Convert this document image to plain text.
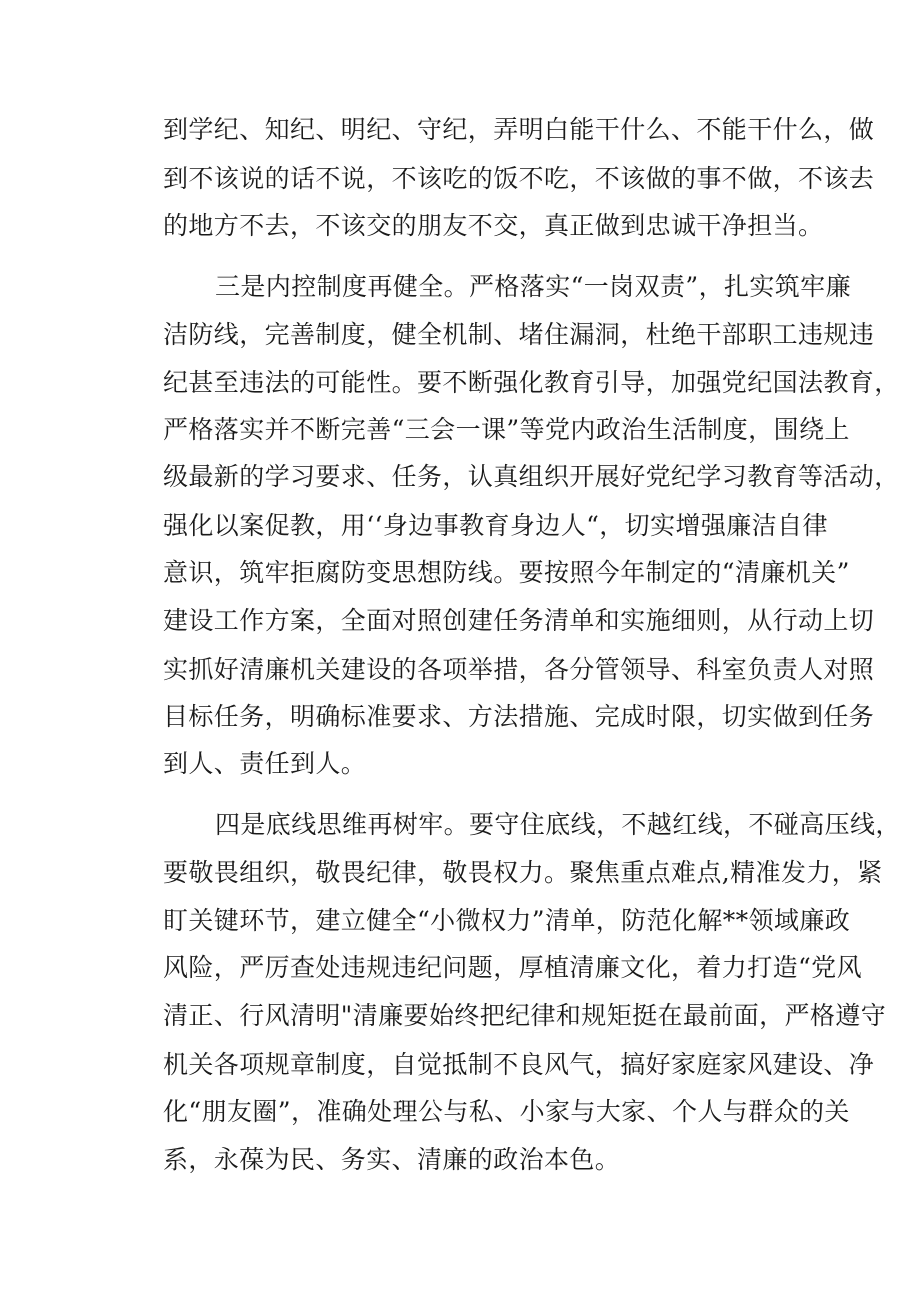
到学纪、知纪、明纪、守纪，弄明白能干什么、不能干什么，做
到不该说的话不说，不该吃的饭不吃，不该做的事不做，不该去
的地方不去，不该交的朋友不交，真正做到忠诚干净担当。
三是内控制度再健全。严格落实“一岗双责”，扎实筑牢廉
洁防线，完善制度，健全机制、堵住漏洞，杜绝干部职工违规违
纪甚至违法的可能性。要不断强化教育引导，加强党纪国法教育，
严格落实并不断完善“三会一课”等党内政治生活制度，围绕上
级最新的学习要求、任务，认真组织开展好党纪学习教育等活动，
强化以案促教，用‘‘身边事教育身边人“，切实增强廉洁自律
意识，筑牢拒腐防变思想防线。要按照今年制定的“清廉机关”
建设工作方案，全面对照创建任务清单和实施细则，从行动上切
实抓好清廉机关建设的各项举措，各分管领导、科室负责人对照
目标任务，明确标准要求、方法措施、完成时限，切实做到任务
到人、责任到人。
四是底线思维再树牢。要守住底线，不越红线，不碰高压线，
要敬畏组织，敬畏纪律，敬畏权力。聚焦重点难点,精准发力，紧
盯关键环节，建立健全“小微权力”清单，防范化解**领域廉政
风险，严厉查处违规违纪问题，厚植清廉文化，着力打造“党风
清正、行风清明"清廉要始终把纪律和规矩挺在最前面，严格遵守
机关各项规章制度，自觉抵制不良风气，搞好家庭家风建设、净
化“朋友圈”，准确处理公与私、小家与大家、个人与群众的关
系，永葆为民、务实、清廉的政治本色。
